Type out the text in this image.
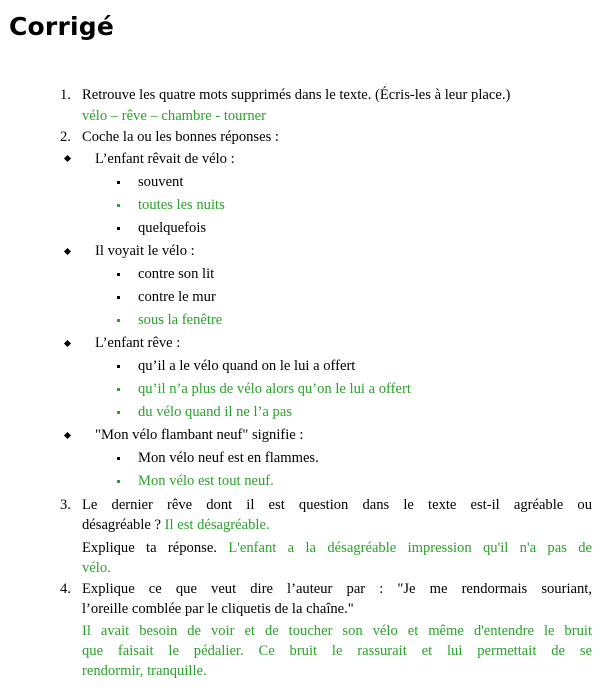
Corrigé
1. Retrouve les quatre mots supprimés dans le texte. (Écris-les à leur place.)
vélo – rêve – chambre - tourner
2. Coche la ou les bonnes réponses :
L’enfant rêvait de vélo :
souvent
toutes les nuits
quelquefois
Il voyait le vélo :
contre son lit
contre le mur
sous la fenêtre
L’enfant rêve :
qu’il a le vélo quand on le lui a offert
qu’il n’a plus de vélo alors qu’on le lui a offert
du vélo quand il ne l’a pas
"Mon vélo flambant neuf" signifie :
Mon vélo neuf est en flammes.
Mon vélo est tout neuf.
3. Le dernier rêve dont il est question dans le texte est-il agréable ou
désagréable ? Il est désagréable.
Explique ta réponse. L'enfant a la désagréable impression qu'il n'a pas de
vélo.
4. Explique ce que veut dire l’auteur par : "Je me rendormais souriant,
l’oreille comblée par le cliquetis de la chaîne."
Il avait besoin de voir et de toucher son vélo et même d'entendre le bruit
que faisait le pédalier. Ce bruit le rassurait et lui permettait de se
rendormir, tranquille.
